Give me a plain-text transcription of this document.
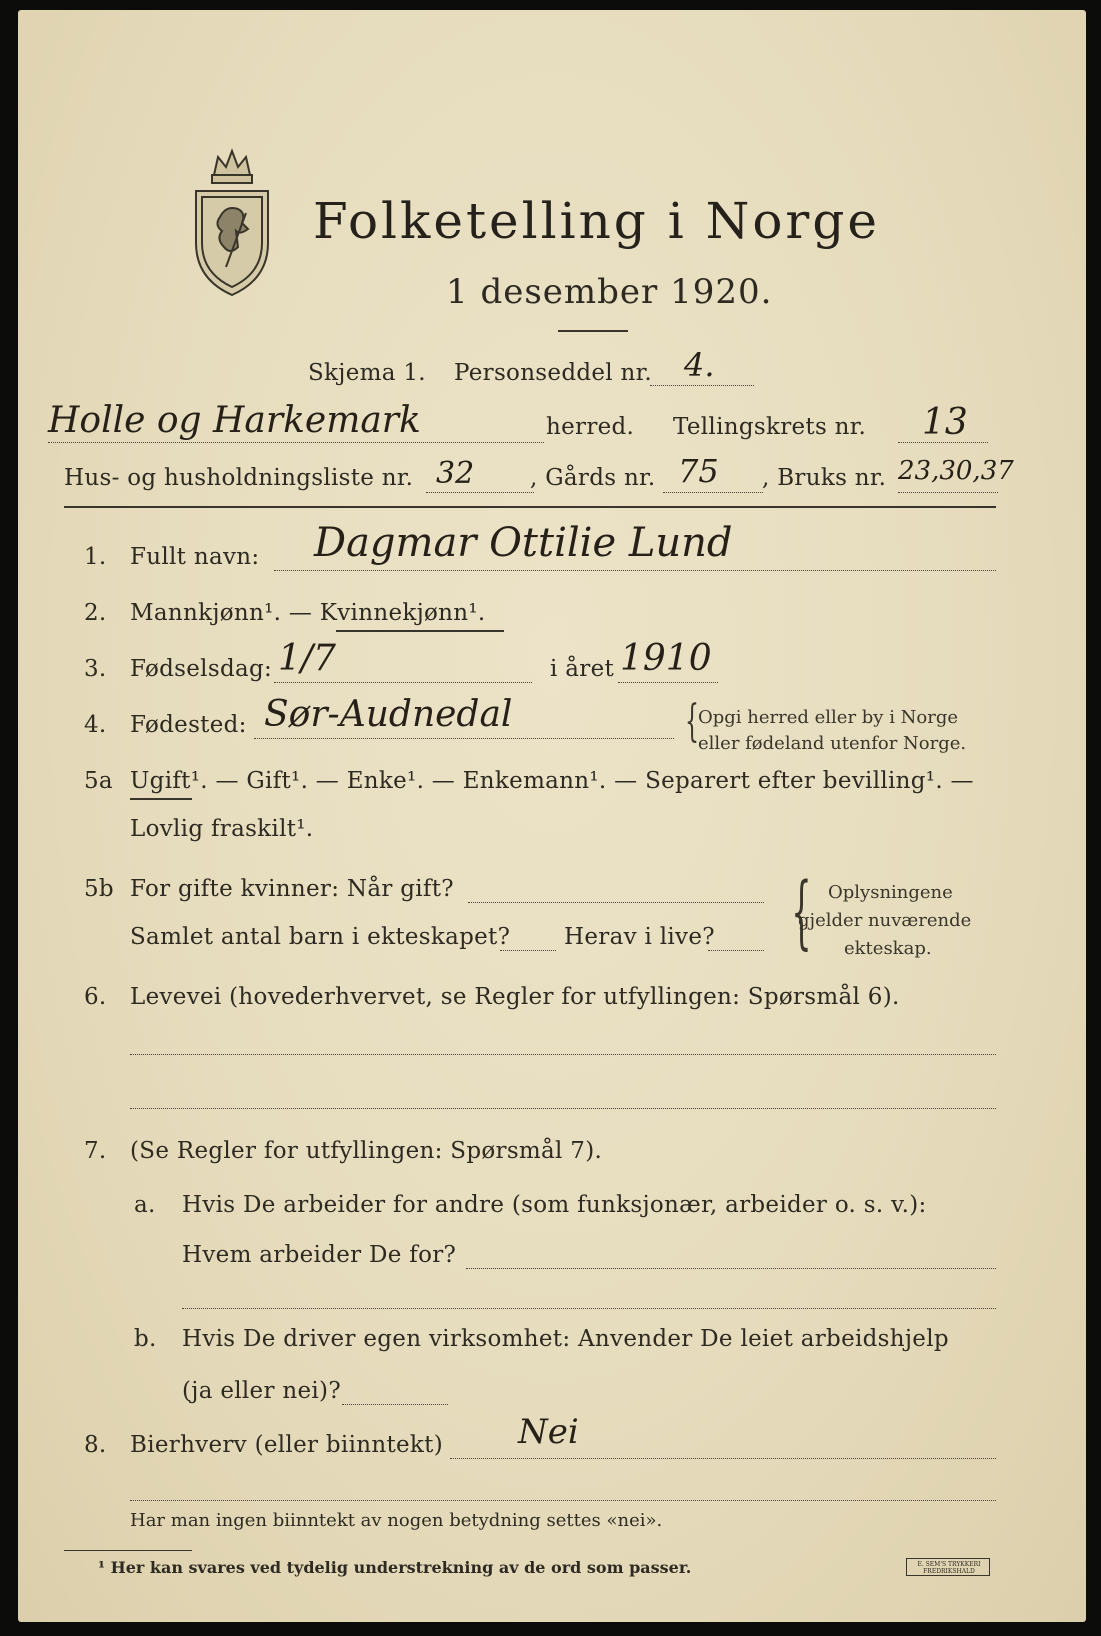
Folketelling i Norge
1 desember 1920.
Skjema 1. Personseddel nr. 4.
Holle og Harkemark	herred. Tellingskrets nr. 13
Hus- og husholdningsliste nr. 32 , Gårds nr. 75 , Bruks nr. 23,30,37
1. Fullt navn: Dagmar Ottilie Lund
2. Mannkjønn¹. — Kvinnekjønn¹.
3. Fødselsdag: 1/7	i året 1910
4. Fødested: Sør-Audnedal	{ Opgi herred eller by i Norge
eller fødeland utenfor Norge.
5a Ugift¹. — Gift¹. — Enke¹. — Enkemann¹. — Separert efter bevilling¹. —
Lovlig fraskilt¹.
5b For gifte kvinner: Når gift?
Samlet antal barn i ekteskapet? Herav i live? { Oplysningene
gjelder nuværende
ekteskap.
6. Levevei (hovederhvervet, se Regler for utfyllingen: Spørsmål 6).
7. (Se Regler for utfyllingen: Spørsmål 7).
a. Hvis De arbeider for andre (som funksjonær, arbeider o. s. v.):
Hvem arbeider De for?
b. Hvis De driver egen virksomhet: Anvender De leiet arbeidshjelp
(ja eller nei)?
8. Bierhverv (eller biinntekt) Nei
Har man ingen biinntekt av nogen betydning settes «nei».
¹ Her kan svares ved tydelig understrekning av de ord som passer.	E. SEM'S TRYKKERI FREDRIKSHALD
